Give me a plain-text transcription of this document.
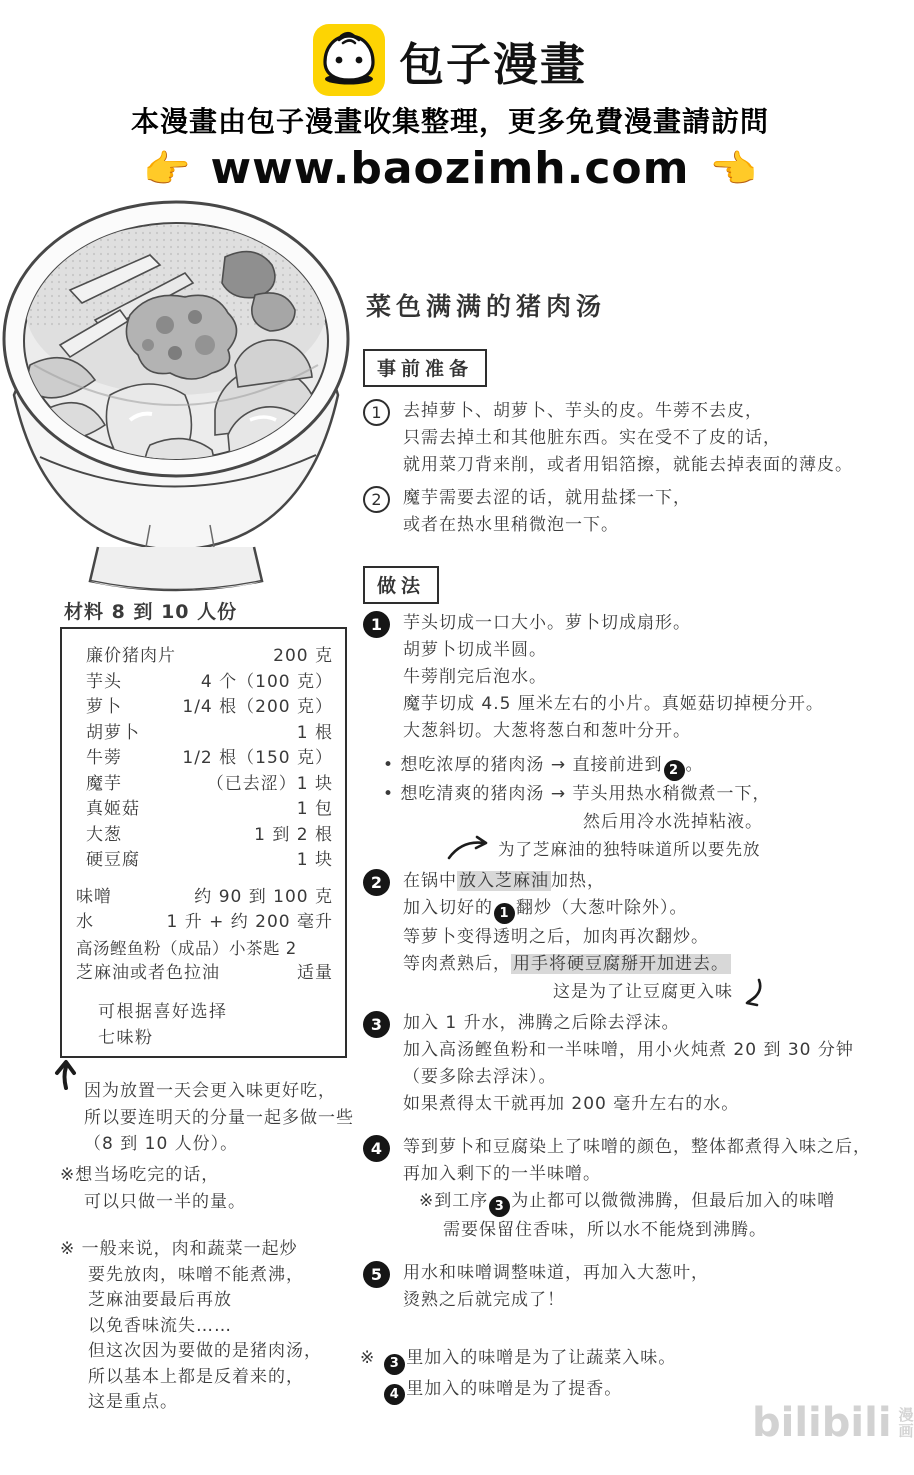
包子漫畫
本漫畫由包子漫畫收集整理，更多免費漫畫請訪問
👉 www.baozimh.com 👈
材料 8 到 10 人份
廉价猪肉片	200 克
芋头	4 个（100 克）
萝卜	1/4 根（200 克）
胡萝卜	1 根
牛蒡	1/2 根（150 克）
魔芋	（已去涩）1 块
真姬菇	1 包
大葱	1 到 2 根
硬豆腐	1 块
味噌	约 90 到 100 克
水	1 升 + 约 200 毫升
高汤鲣鱼粉（成品）小茶匙 2
芝麻油或者色拉油	适量
可根据喜好选择
七味粉
因为放置一天会更入味更好吃，
所以要连明天的分量一起多做一些
（8 到 10 人份）。
※想当场吃完的话，
可以只做一半的量。
※ 一般来说，肉和蔬菜一起炒
要先放肉，味噌不能煮沸，
芝麻油要最后再放
以免香味流失……
但这次因为要做的是猪肉汤，
所以基本上都是反着来的，
这是重点。
菜色满满的猪肉汤
事前准备
1	去掉萝卜、胡萝卜、芋头的皮。牛蒡不去皮，
只需去掉土和其他脏东西。实在受不了皮的话，
就用菜刀背来削，或者用铝箔擦，就能去掉表面的薄皮。
2	魔芋需要去涩的话，就用盐揉一下，
或者在热水里稍微泡一下。
做法
1	芋头切成一口大小。萝卜切成扇形。
胡萝卜切成半圆。
牛蒡削完后泡水。
魔芋切成 4.5 厘米左右的小片。真姬菇切掉梗分开。
大葱斜切。大葱将葱白和葱叶分开。
• 想吃浓厚的猪肉汤 → 直接前进到 2 。
• 想吃清爽的猪肉汤 → 芋头用热水稍微煮一下，
然后用冷水洗掉粘液。
为了芝麻油的独特味道所以要先放
2	在锅中 放入芝麻油 加热，
加入切好的 1 翻炒（大葱叶除外）。
等萝卜变得透明之后，加肉再次翻炒。
等肉煮熟后， 用手将硬豆腐掰开加进去。
这是为了让豆腐更入味
3	加入 1 升水，沸腾之后除去浮沫。
加入高汤鲣鱼粉和一半味噌，用小火炖煮 20 到 30 分钟
（要多除去浮沫）。
如果煮得太干就再加 200 毫升左右的水。
4	等到萝卜和豆腐染上了味噌的颜色，整体都煮得入味之后，
再加入剩下的一半味噌。
※到工序 3 为止都可以微微沸腾，但最后加入的味噌
需要保留住香味，所以水不能烧到沸腾。
5	用水和味噌调整味道，再加入大葱叶，
烫熟之后就完成了！
※	3 里加入的味噌是为了让蔬菜入味。
4 里加入的味噌是为了提香。
bilibili 漫
画
